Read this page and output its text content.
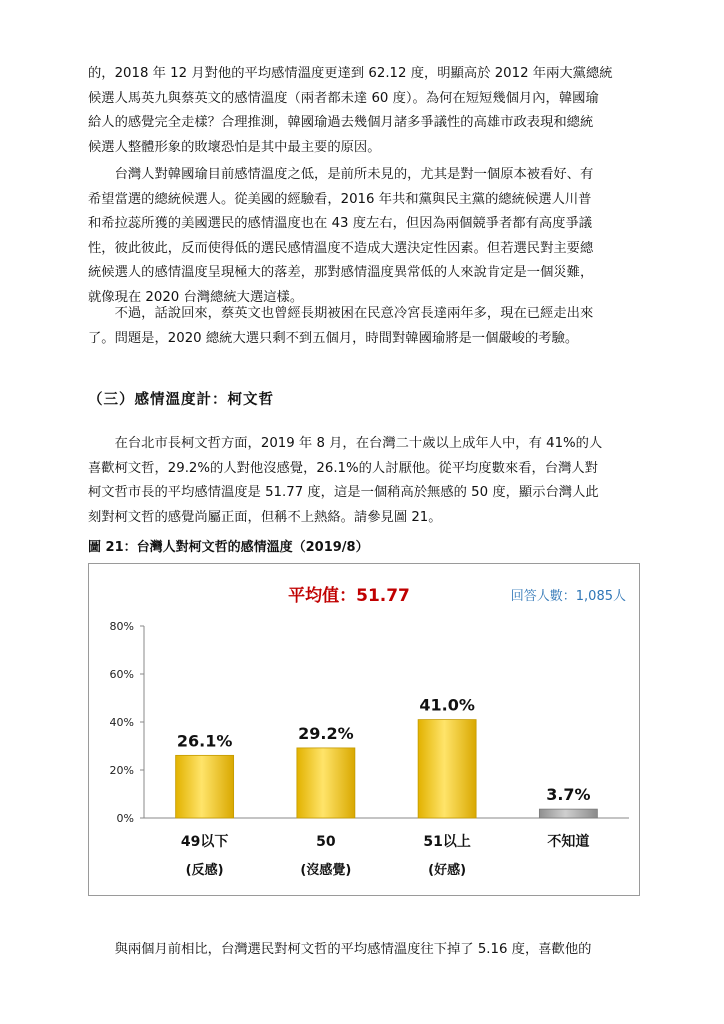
的，2018 年 12 月對他的平均感情溫度更達到 62.12 度，明顯高於 2012 年兩大黨總統
候選人馬英九與蔡英文的感情溫度（兩者都未達 60 度）。為何在短短幾個月內，韓國瑜
給人的感覺完全走樣？合理推測，韓國瑜過去幾個月諸多爭議性的高雄市政表現和總統
候選人整體形象的敗壞恐怕是其中最主要的原因。
　　台灣人對韓國瑜目前感情溫度之低，是前所未見的，尤其是對一個原本被看好、有
希望當選的總統候選人。從美國的經驗看，2016 年共和黨與民主黨的總統候選人川普
和希拉蕊所獲的美國選民的感情溫度也在 43 度左右，但因為兩個競爭者都有高度爭議
性，彼此彼此，反而使得低的選民感情溫度不造成大選決定性因素。但若選民對主要總
統候選人的感情溫度呈現極大的落差，那對感情溫度異常低的人來說肯定是一個災難，
就像現在 2020 台灣總統大選這樣。
　　不過，話說回來，蔡英文也曾經長期被困在民意冷宮長達兩年多，現在已經走出來
了。問題是，2020 總統大選只剩不到五個月，時間對韓國瑜將是一個嚴峻的考驗。
（三）感情溫度計：柯文哲
　　在台北市長柯文哲方面，2019 年 8 月，在台灣二十歲以上成年人中，有 41%的人
喜歡柯文哲，29.2%的人對他沒感覺，26.1%的人討厭他。從平均度數來看，台灣人對
柯文哲市長的平均感情溫度是 51.77 度，這是一個稍高於無感的 50 度，顯示台灣人此
刻對柯文哲的感覺尚屬正面，但稱不上熱絡。請參見圖 21。
圖 21：台灣人對柯文哲的感情溫度（2019/8）
平均值：51.77	回答人數：1,085人
0%
20%
40%
60%
80%
26.1%
49以下
(反感)
29.2%
50
(沒感覺)
41.0%
51以上
(好感)
3.7%
不知道
　　與兩個月前相比，台灣選民對柯文哲的平均感情溫度往下掉了 5.16 度，喜歡他的
